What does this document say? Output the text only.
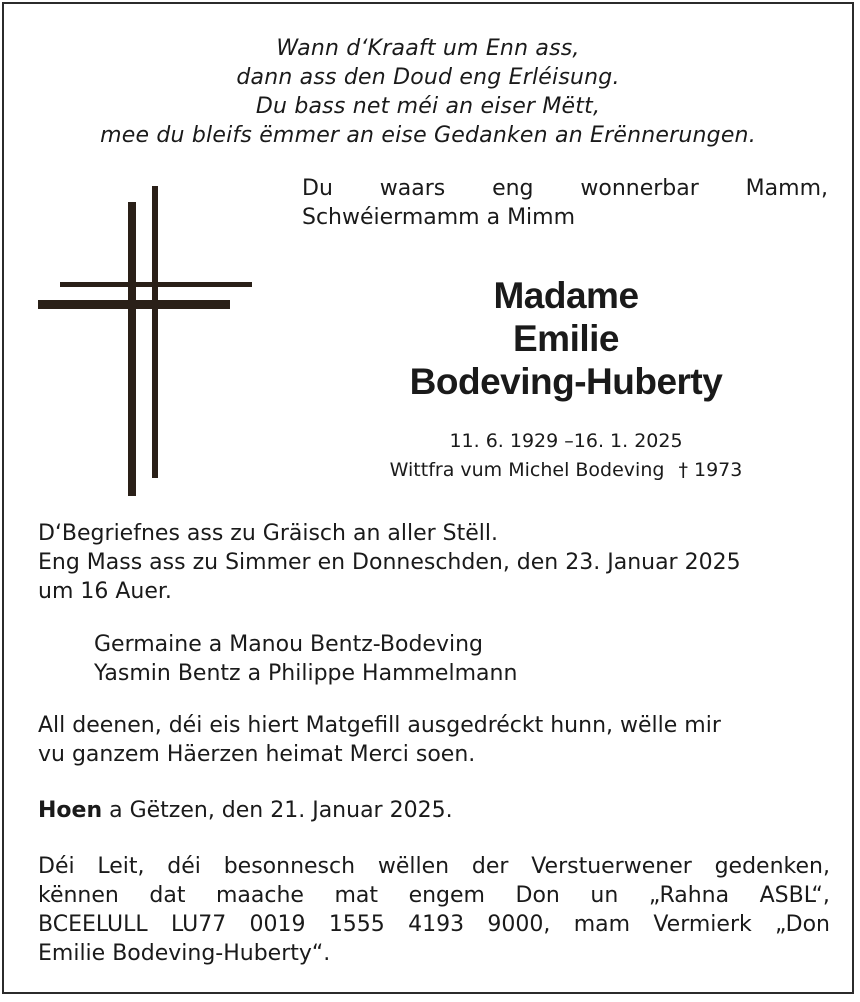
Wann d‘Kraaft um Enn ass,
dann ass den Doud eng Erléisung.
Du bass net méi an eiser Mëtt,
mee du bleifs ëmmer an eise Gedanken an Erënnerungen.
Du waars eng wonnerbar Mamm,
Schwéiermamm a Mimm
Madame
Emilie
Bodeving-Huberty
11. 6. 1929 –16. 1. 2025
Wittfra vum Michel Bodeving † 1973
D‘Begriefnes ass zu Gräisch an aller Stëll.
Eng Mass ass zu Simmer en Donneschden, den 23. Januar 2025
um 16 Auer.
Germaine a Manou Bentz-Bodeving
Yasmin Bentz a Philippe Hammelmann
All deenen, déi eis hiert Matgefill ausgedréckt hunn, wëlle mir
vu ganzem Häerzen heimat Merci soen.
Hoen a Gëtzen, den 21. Januar 2025.
Déi Leit, déi besonnesch wëllen der Verstuerwener gedenken,
kënnen dat maache mat engem Don un „Rahna ASBL“,
BCEELULL LU77 0019 1555 4193 9000, mam Vermierk „Don
Emilie Bodeving-Huberty“.
